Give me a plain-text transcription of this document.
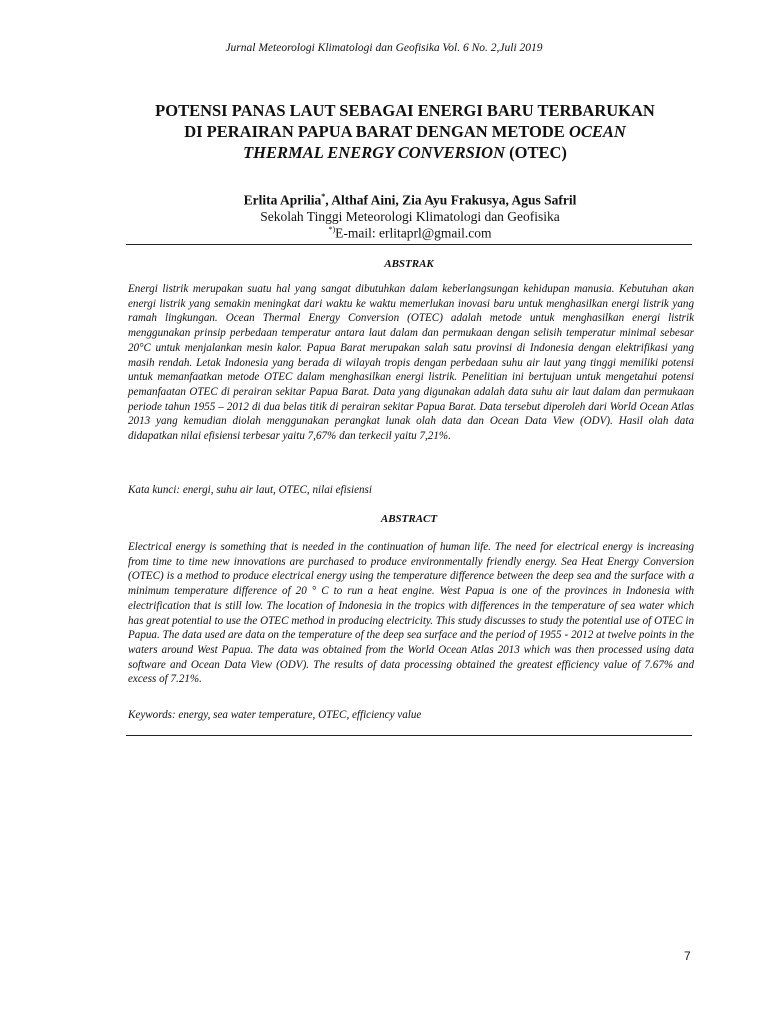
Jurnal Meteorologi Klimatologi dan Geofisika Vol. 6 No. 2,Juli 2019
POTENSI PANAS LAUT SEBAGAI ENERGI BARU TERBARUKAN
DI PERAIRAN PAPUA BARAT DENGAN METODE OCEAN
THERMAL ENERGY CONVERSION (OTEC)
Erlita Aprilia*, Althaf Aini, Zia Ayu Frakusya, Agus Safril
Sekolah Tinggi Meteorologi Klimatologi dan Geofisika
*)E-mail: erlitaprl@gmail.com
ABSTRAK
Energi listrik merupakan suatu hal yang sangat dibutuhkan dalam keberlangsungan kehidupan manusia. Kebutuhan akan energi listrik yang semakin meningkat dari waktu ke waktu memerlukan inovasi baru untuk menghasilkan energi listrik yang ramah lingkungan. Ocean Thermal Energy Conversion (OTEC) adalah metode untuk menghasilkan energi listrik menggunakan prinsip perbedaan temperatur antara laut dalam dan permukaan dengan selisih temperatur minimal sebesar 20°C untuk menjalankan mesin kalor. Papua Barat merupakan salah satu provinsi di Indonesia dengan elektrifikasi yang masih rendah. Letak Indonesia yang berada di wilayah tropis dengan perbedaan suhu air laut yang tinggi memiliki potensi untuk memanfaatkan metode OTEC dalam menghasilkan energi listrik. Penelitian ini bertujuan untuk mengetahui potensi pemanfaatan OTEC di perairan sekitar Papua Barat. Data yang digunakan adalah data suhu air laut dalam dan permukaan periode tahun 1955 – 2012 di dua belas titik di perairan sekitar Papua Barat. Data tersebut diperoleh dari World Ocean Atlas 2013 yang kemudian diolah menggunakan perangkat lunak olah data dan Ocean Data View (ODV). Hasil olah data didapatkan nilai efisiensi terbesar yaitu 7,67% dan terkecil yaitu 7,21%.
Kata kunci: energi, suhu air laut, OTEC, nilai efisiensi
ABSTRACT
Electrical energy is something that is needed in the continuation of human life. The need for electrical energy is increasing from time to time new innovations are purchased to produce environmentally friendly energy. Sea Heat Energy Conversion (OTEC) is a method to produce electrical energy using the temperature difference between the deep sea and the surface with a minimum temperature difference of 20 ° C to run a heat engine. West Papua is one of the provinces in Indonesia with electrification that is still low. The location of Indonesia in the tropics with differences in the temperature of sea water which has great potential to use the OTEC method in producing electricity. This study discusses to study the potential use of OTEC in Papua. The data used are data on the temperature of the deep sea surface and the period of 1955 - 2012 at twelve points in the waters around West Papua. The data was obtained from the World Ocean Atlas 2013 which was then processed using data software and Ocean Data View (ODV). The results of data processing obtained the greatest efficiency value of 7.67% and excess of 7.21%.
Keywords: energy, sea water temperature, OTEC, efficiency value
7
